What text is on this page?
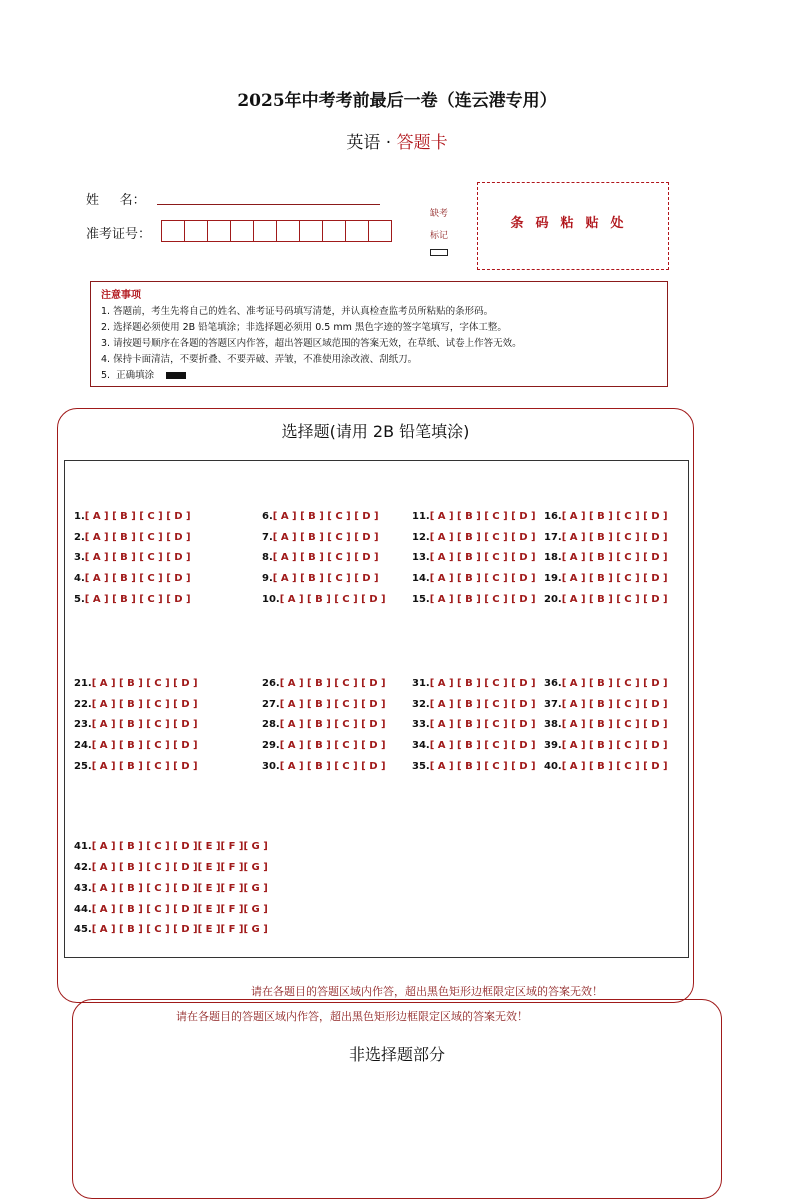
2025年中考考前最后一卷（连云港专用）
英语 · 答题卡
姓     名：
准考证号：
缺考
标记
条码粘贴处
注意事项
1. 答题前，考生先将自己的姓名、准考证号码填写清楚，并认真检查监考员所粘贴的条形码。
2. 选择题必须使用 2B 铅笔填涂；非选择题必须用 0.5 mm 黑色字迹的签字笔填写，字体工整。
3. 请按题号顺序在各题的答题区内作答，超出答题区域范围的答案无效，在草纸、试卷上作答无效。
4. 保持卡面清洁，不要折叠、不要弄破、弄皱，不准使用涂改液、刮纸刀。
5.  正确填涂
选择题(请用 2B 铅笔填涂)
1.[ A ] [ B ] [ C ] [ D ]
2.[ A ] [ B ] [ C ] [ D ]
3.[ A ] [ B ] [ C ] [ D ]
4.[ A ] [ B ] [ C ] [ D ]
5.[ A ] [ B ] [ C ] [ D ]
6.[ A ] [ B ] [ C ] [ D ]
7.[ A ] [ B ] [ C ] [ D ]
8.[ A ] [ B ] [ C ] [ D ]
9.[ A ] [ B ] [ C ] [ D ]
10.[ A ] [ B ] [ C ] [ D ]
11.[ A ] [ B ] [ C ] [ D ]
12.[ A ] [ B ] [ C ] [ D ]
13.[ A ] [ B ] [ C ] [ D ]
14.[ A ] [ B ] [ C ] [ D ]
15.[ A ] [ B ] [ C ] [ D ]
16.[ A ] [ B ] [ C ] [ D ]
17.[ A ] [ B ] [ C ] [ D ]
18.[ A ] [ B ] [ C ] [ D ]
19.[ A ] [ B ] [ C ] [ D ]
20.[ A ] [ B ] [ C ] [ D ]
21.[ A ] [ B ] [ C ] [ D ]
22.[ A ] [ B ] [ C ] [ D ]
23.[ A ] [ B ] [ C ] [ D ]
24.[ A ] [ B ] [ C ] [ D ]
25.[ A ] [ B ] [ C ] [ D ]
26.[ A ] [ B ] [ C ] [ D ]
27.[ A ] [ B ] [ C ] [ D ]
28.[ A ] [ B ] [ C ] [ D ]
29.[ A ] [ B ] [ C ] [ D ]
30.[ A ] [ B ] [ C ] [ D ]
31.[ A ] [ B ] [ C ] [ D ]
32.[ A ] [ B ] [ C ] [ D ]
33.[ A ] [ B ] [ C ] [ D ]
34.[ A ] [ B ] [ C ] [ D ]
35.[ A ] [ B ] [ C ] [ D ]
36.[ A ] [ B ] [ C ] [ D ]
37.[ A ] [ B ] [ C ] [ D ]
38.[ A ] [ B ] [ C ] [ D ]
39.[ A ] [ B ] [ C ] [ D ]
40.[ A ] [ B ] [ C ] [ D ]
41.[ A ] [ B ] [ C ] [ D ][ E ][ F ][ G ]
42.[ A ] [ B ] [ C ] [ D ][ E ][ F ][ G ]
43.[ A ] [ B ] [ C ] [ D ][ E ][ F ][ G ]
44.[ A ] [ B ] [ C ] [ D ][ E ][ F ][ G ]
45.[ A ] [ B ] [ C ] [ D ][ E ][ F ][ G ]
请在各题目的答题区域内作答，超出黑色矩形边框限定区域的答案无效！
请在各题目的答题区域内作答，超出黑色矩形边框限定区域的答案无效！
非选择题部分
